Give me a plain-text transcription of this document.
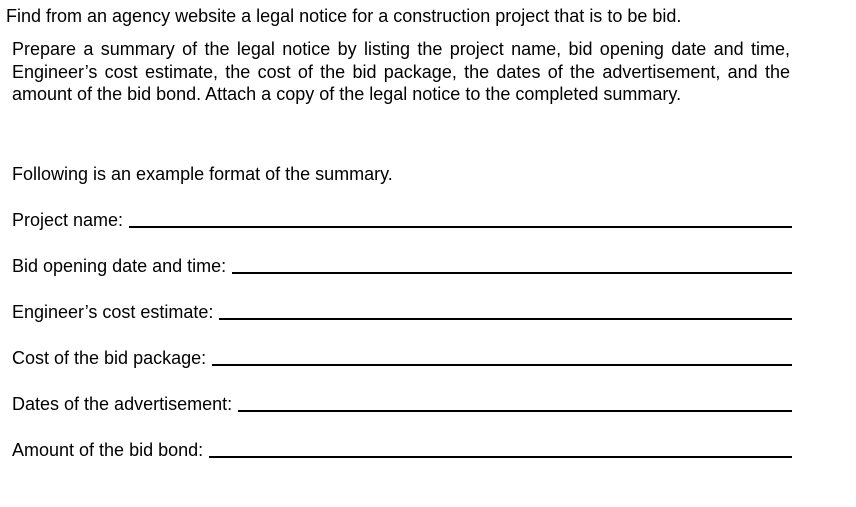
Find from an agency website a legal notice for a construction project that is to be bid.

Prepare a summary of the legal notice by listing the project name, bid opening date and time, Engineer’s cost estimate, the cost of the bid package, the dates of the advertisement, and the amount of the bid bond. Attach a copy of the legal notice to the completed summary.

Following is an example format of the summary.

Project name:
Bid opening date and time:
Engineer’s cost estimate:
Cost of the bid package:
Dates of the advertisement:
Amount of the bid bond:
